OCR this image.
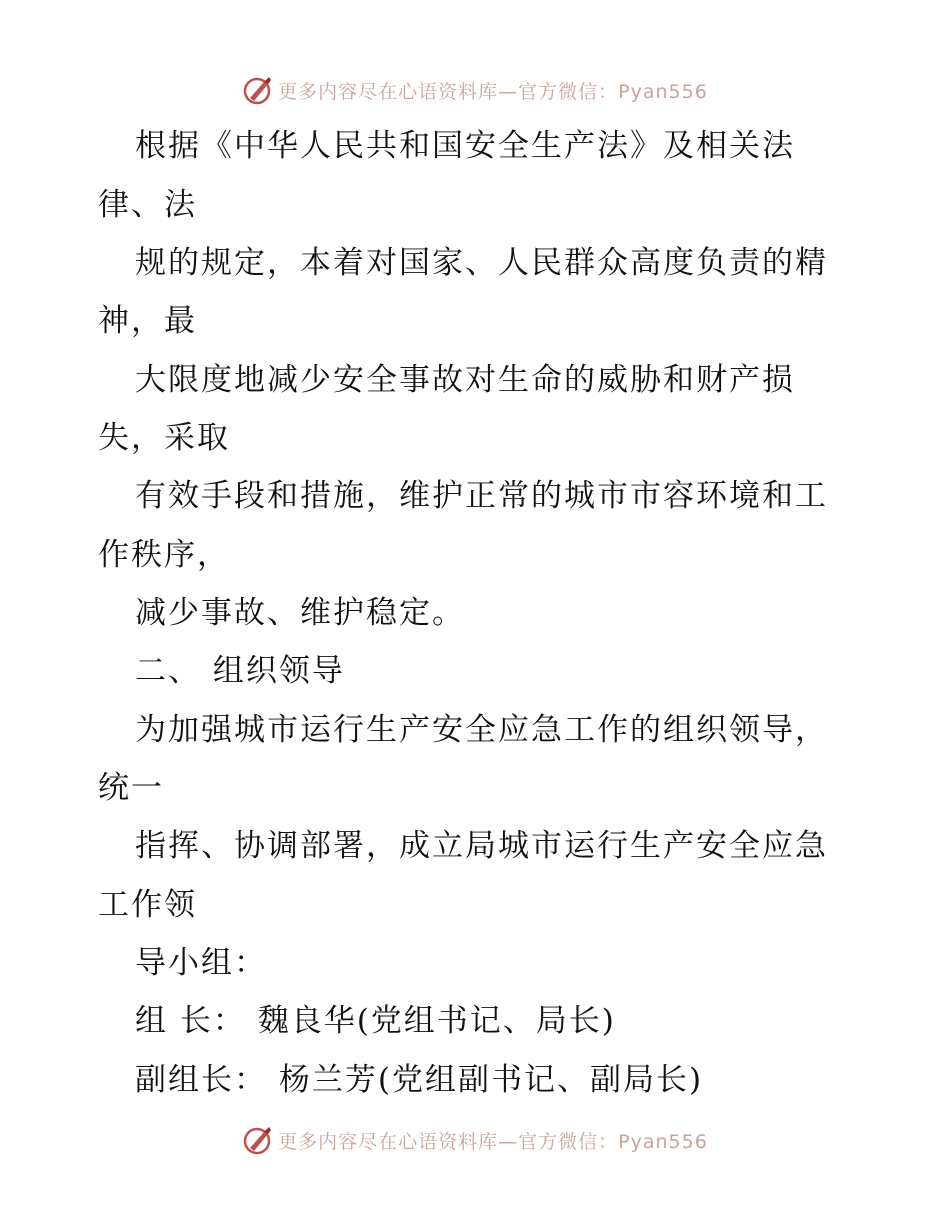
更多内容尽在心语资料库—官方微信：Pyan556
根据《中华人民共和国安全生产法》及相关法
律、法
规的规定，本着对国家、人民群众高度负责的精
神，最
大限度地减少安全事故对生命的威胁和财产损
失，采取
有效手段和措施，维护正常的城市市容环境和工
作秩序，
减少事故、维护稳定。
二、 组织领导
为加强城市运行生产安全应急工作的组织领导，
统一
指挥、协调部署，成立局城市运行生产安全应急
工作领
导小组：
组 长： 魏良华(党组书记、局长)
副组长： 杨兰芳(党组副书记、副局长)
更多内容尽在心语资料库—官方微信：Pyan556
